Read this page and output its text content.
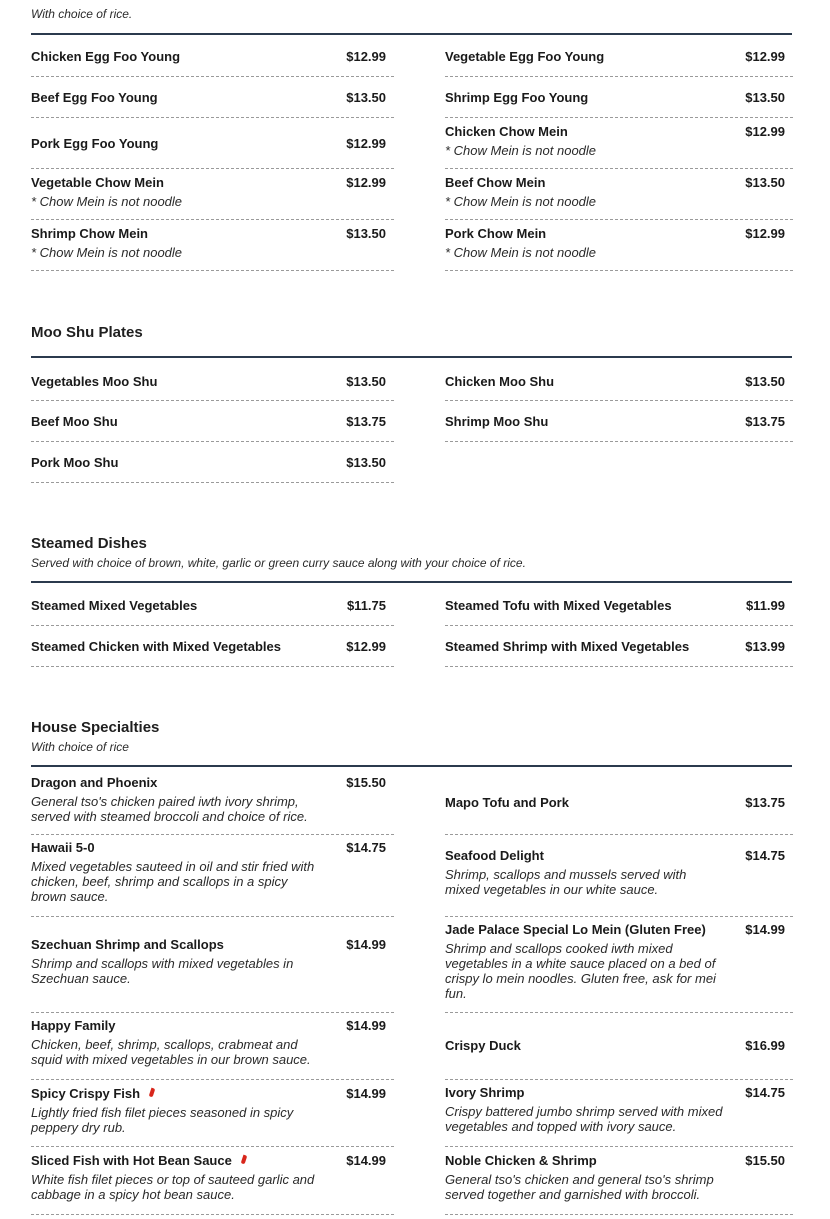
With choice of rice.
Chicken Egg Foo Young	$12.99
Beef Egg Foo Young	$13.50
Pork Egg Foo Young	$12.99
Vegetable Chow Mein	$12.99
* Chow Mein is not noodle
Shrimp Chow Mein	$13.50
* Chow Mein is not noodle
Vegetable Egg Foo Young	$12.99
Shrimp Egg Foo Young	$13.50
Chicken Chow Mein	$12.99
* Chow Mein is not noodle
Beef Chow Mein	$13.50
* Chow Mein is not noodle
Pork Chow Mein	$12.99
* Chow Mein is not noodle
Moo Shu Plates
Vegetables Moo Shu	$13.50
Beef Moo Shu	$13.75
Pork Moo Shu	$13.50
Chicken Moo Shu	$13.50
Shrimp Moo Shu	$13.75
Steamed Dishes
Served with choice of brown, white, garlic or green curry sauce along with your choice of rice.
Steamed Mixed Vegetables	$11.75
Steamed Chicken with Mixed Vegetables	$12.99
Steamed Tofu with Mixed Vegetables	$11.99
Steamed Shrimp with Mixed Vegetables	$13.99
House Specialties
With choice of rice
Dragon and Phoenix	$15.50
General tso's chicken paired iwth ivory shrimp, served with steamed broccoli and choice of rice.
Hawaii 5-0	$14.75
Mixed vegetables sauteed in oil and stir fried with chicken, beef, shrimp and scallops in a spicy brown sauce.
Szechuan Shrimp and Scallops	$14.99
Shrimp and scallops with mixed vegetables in Szechuan sauce.
Happy Family	$14.99
Chicken, beef, shrimp, scallops, crabmeat and squid with mixed vegetables in our brown sauce.
Spicy Crispy Fish	$14.99
Lightly fried fish filet pieces seasoned in spicy peppery dry rub.
Sliced Fish with Hot Bean Sauce	$14.99
White fish filet pieces or top of sauteed garlic and cabbage in a spicy hot bean sauce.
Mapo Tofu and Pork	$13.75
Seafood Delight	$14.75
Shrimp, scallops and mussels served with mixed vegetables in our white sauce.
Jade Palace Special Lo Mein (Gluten Free)	$14.99
Shrimp and scallops cooked iwth mixed vegetables in a white sauce placed on a bed of crispy lo mein noodles. Gluten free, ask for mei fun.
Crispy Duck	$16.99
Ivory Shrimp	$14.75
Crispy battered jumbo shrimp served with mixed vegetables and topped with ivory sauce.
Noble Chicken & Shrimp	$15.50
General tso's chicken and general tso's shrimp served together and garnished with broccoli.
